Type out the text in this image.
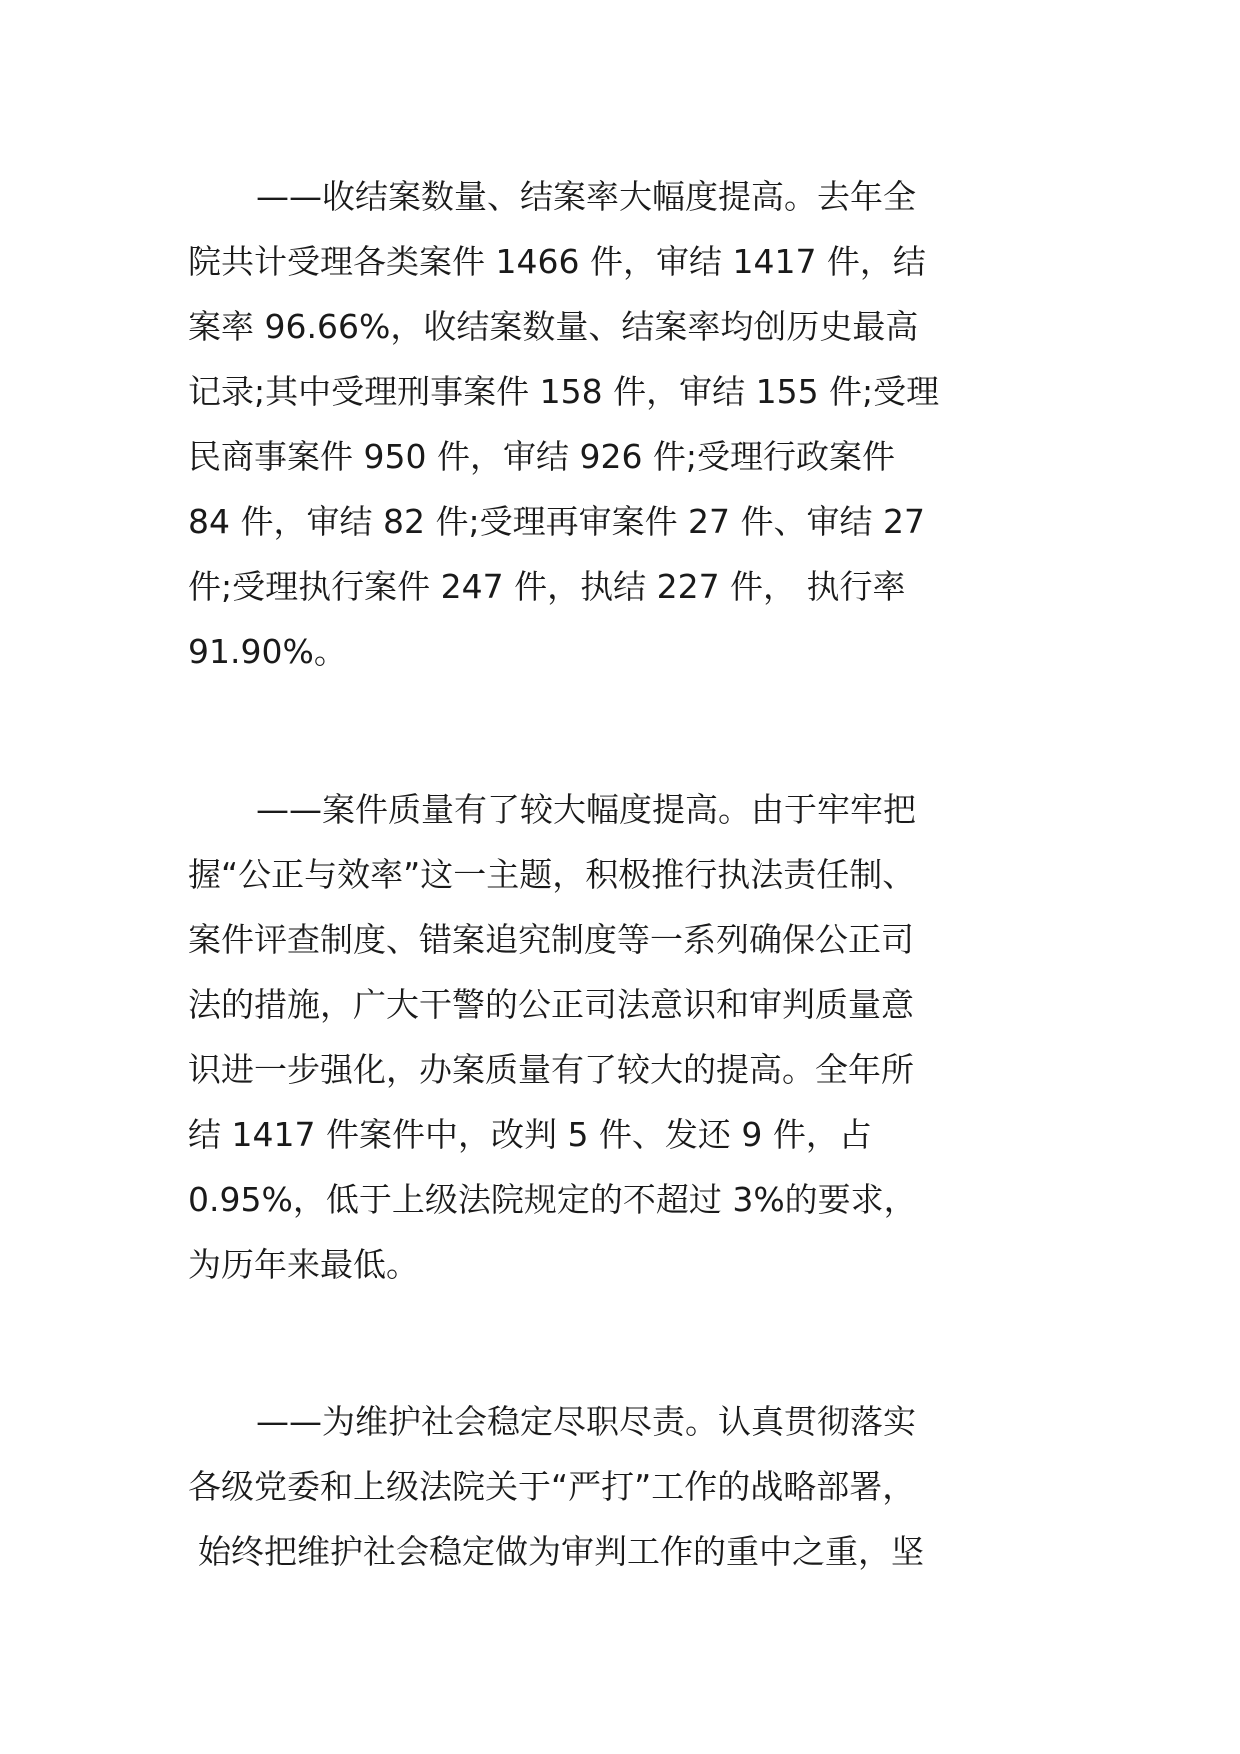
——收结案数量、结案率大幅度提高。去年全
院共计受理各类案件 1466 件，审结 1417 件，结
案率 96.66%，收结案数量、结案率均创历史最高
记录;其中受理刑事案件 158 件，审结 155 件;受理
民商事案件 950 件，审结 926 件;受理行政案件
84 件，审结 82 件;受理再审案件 27 件、审结 27
件;受理执行案件 247 件，执结 227 件， 执行率
91.90%。
——案件质量有了较大幅度提高。由于牢牢把
握“公正与效率”这一主题，积极推行执法责任制、
案件评查制度、错案追究制度等一系列确保公正司
法的措施，广大干警的公正司法意识和审判质量意
识进一步强化，办案质量有了较大的提高。全年所
结 1417 件案件中，改判 5 件、发还 9 件，占
0.95%，低于上级法院规定的不超过 3%的要求，
为历年来最低。
——为维护社会稳定尽职尽责。认真贯彻落实
各级党委和上级法院关于“严打”工作的战略部署，
始终把维护社会稳定做为审判工作的重中之重，坚
